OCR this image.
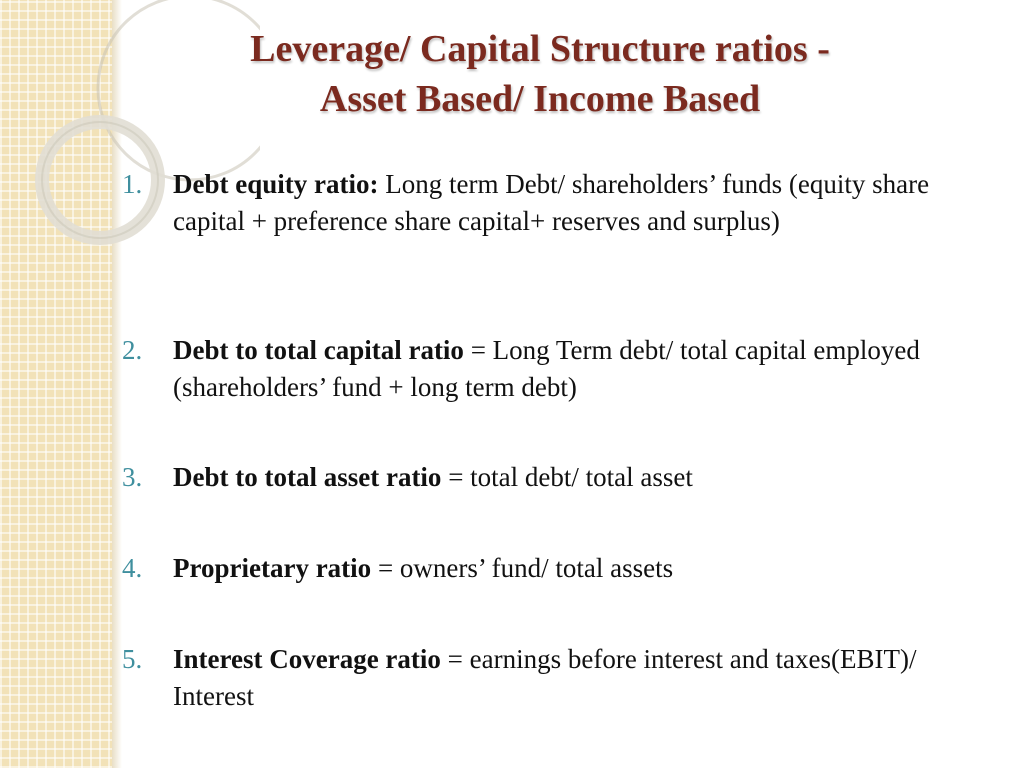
Leverage/ Capital Structure ratios -
Asset Based/ Income Based
1.	Debt equity ratio: Long term Debt/ shareholders’ funds (equity share capital + preference share capital+ reserves and surplus)
2.	Debt to total capital ratio = Long Term debt/ total capital employed (shareholders’ fund + long term debt)
3.	Debt to total asset ratio = total debt/ total asset
4.	Proprietary ratio = owners’ fund/ total assets
5.	Interest Coverage ratio = earnings before interest and taxes(EBIT)/ Interest
